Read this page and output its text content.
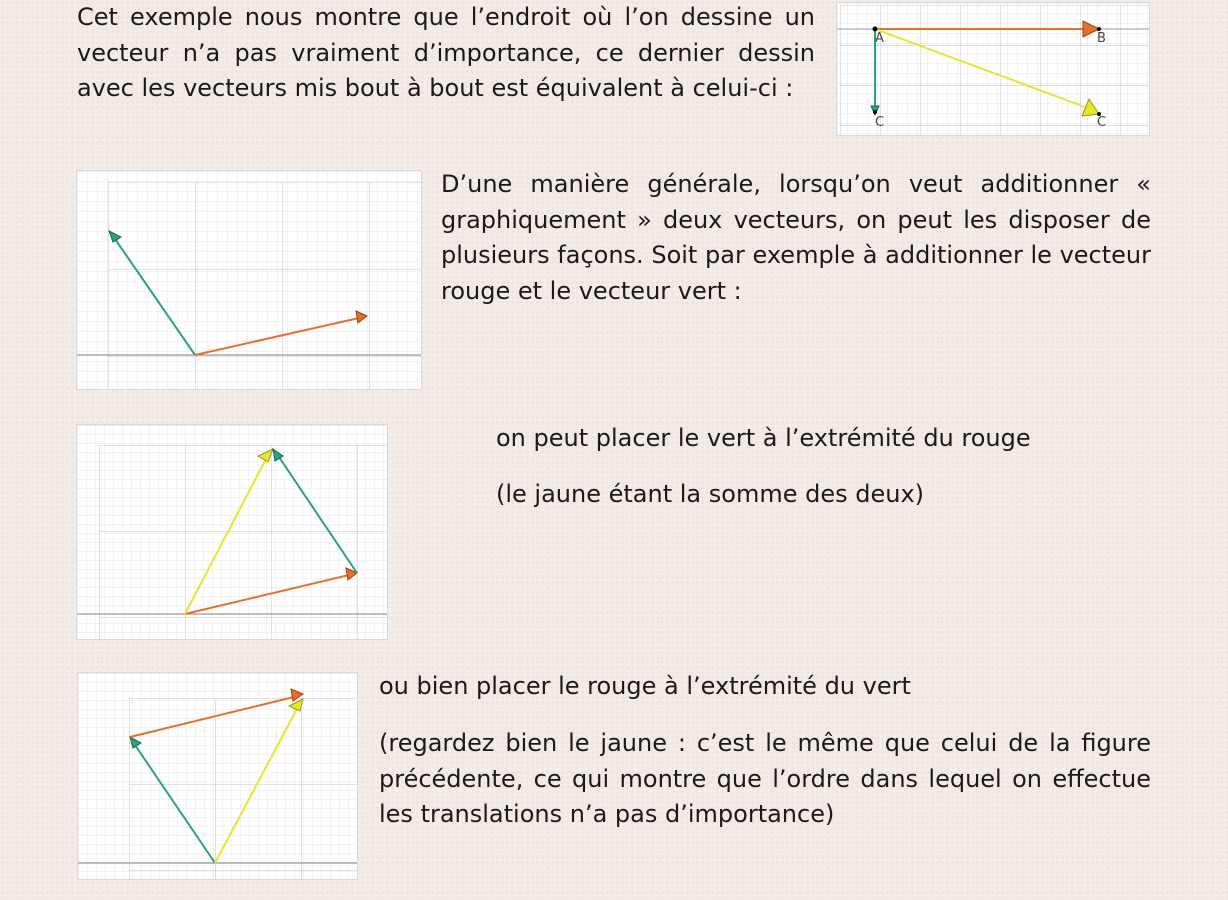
Cet exemple nous montre que l’endroit où l’on dessine un vecteur n’a pas vraiment d’importance, ce dernier dessin avec les vecteurs mis bout à bout est équivalent à celui-ci :

A	B
C	C

D’une manière générale, lorsqu’on veut additionner « graphiquement » deux vecteurs, on peut les disposer de plusieurs façons. Soit par exemple à additionner le vecteur rouge et le vecteur vert :

on peut placer le vert à l’extrémité du rouge

(le jaune étant la somme des deux)

ou bien placer le rouge à l’extrémité du vert

(regardez bien le jaune : c’est le même que celui de la figure précédente, ce qui montre que l’ordre dans lequel on effectue les translations n’a pas d’importance)
